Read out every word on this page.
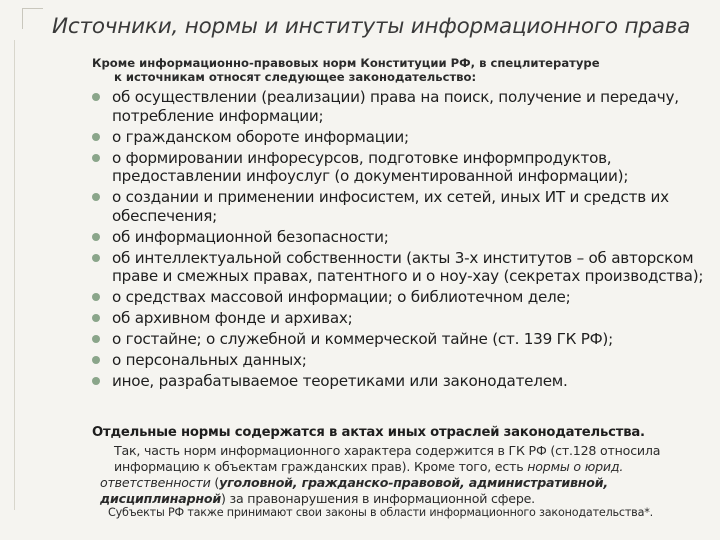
Источники, нормы и институты информационного права
Кроме информационно-правовых норм Конституции РФ, в спецлитературе
к источникам относят следующее законодательство:
об осуществлении (реализации) права на поиск, получение и передачу, потребление информации;
о гражданском обороте информации;
о формировании инфоресурсов, подготовке информпродуктов, предоставлении инфоуслуг (о документированной информации);
о создании и применении инфосистем, их сетей, иных ИТ и средств их обеспечения;
об информационной безопасности;
об интеллектуальной собственности (акты 3-х институтов – об авторском праве и смежных правах, патентного и о ноу-хау (секретах производства);
о средствах массовой информации; о библиотечном деле;
об архивном фонде и архивах;
о гостайне; о служебной и коммерческой тайне (ст. 139 ГК РФ);
о персональных данных;
иное, разрабатываемое теоретиками или законодателем.
Отдельные нормы содержатся в актах иных отраслей законодательства.
Так, часть норм информационного характера содержится в ГК РФ (ст.128 относила
информацию к объектам гражданских прав). Кроме того, есть нормы о юрид.
ответственности (уголовной, гражданско-правовой, административной,
дисциплинарной) за правонарушения в информационной сфере.
Субъекты РФ также принимают свои законы в области информационного законодательства*.
